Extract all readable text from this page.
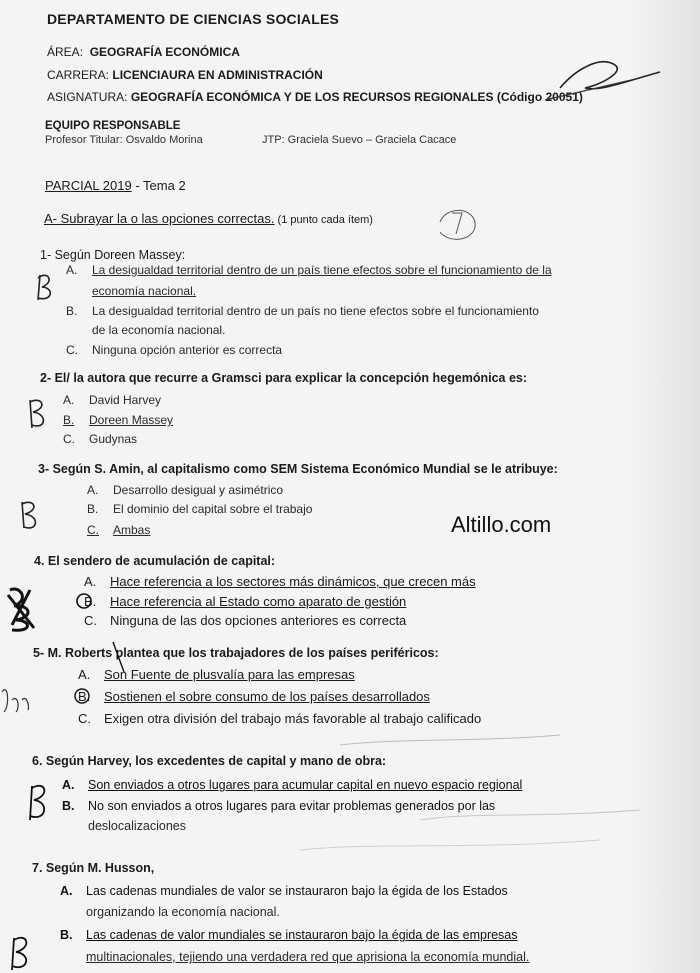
DEPARTAMENTO DE CIENCIAS SOCIALES
ÁREA: GEOGRAFÍA ECONÓMICA
CARRERA: LICENCIAURA EN ADMINISTRACIÓN
ASIGNATURA: GEOGRAFÍA ECONÓMICA Y DE LOS RECURSOS REGIONALES (Código 20051)
EQUIPO RESPONSABLE
Profesor Titular: Osvaldo Morina	JTP: Graciela Suevo – Graciela Cacace
PARCIAL 2019 - Tema 2
A- Subrayar la o las opciones correctas. (1 punto cada ítem)
1- Según Doreen Massey:
A. La desigualdad territorial dentro de un país tiene efectos sobre el funcionamiento de la
economía nacional.
B. La desigualdad territorial dentro de un país no tiene efectos sobre el funcionamiento
de la economía nacional.
C. Ninguna opción anterior es correcta
2- El/ la autora que recurre a Gramsci para explicar la concepción hegemónica es:
A. David Harvey
B. Doreen Massey
C. Gudynas
3- Según S. Amin, al capitalismo como SEM Sistema Económico Mundial se le atribuye:
A. Desarrollo desigual y asimétrico
B. El dominio del capital sobre el trabajo
C. Ambas	Altillo.com
4. El sendero de acumulación de capital:
A. Hace referencia a los sectores más dinámicos, que crecen más
B. Hace referencia al Estado como aparato de gestión
C. Ninguna de las dos opciones anteriores es correcta
5- M. Roberts plantea que los trabajadores de los países periféricos:
A. Son Fuente de plusvalía para las empresas
B. Sostienen el sobre consumo de los países desarrollados
C. Exigen otra división del trabajo más favorable al trabajo calificado
6. Según Harvey, los excedentes de capital y mano de obra:
A. Son enviados a otros lugares para acumular capital en nuevo espacio regional
B. No son enviados a otros lugares para evitar problemas generados por las
deslocalizaciones
7. Según M. Husson,
A. Las cadenas mundiales de valor se instauraron bajo la égida de los Estados
organizando la economía nacional.
B. Las cadenas de valor mundiales se instauraron bajo la égida de las empresas
multinacionales, tejiendo una verdadera red que aprisiona la economía mundial.
